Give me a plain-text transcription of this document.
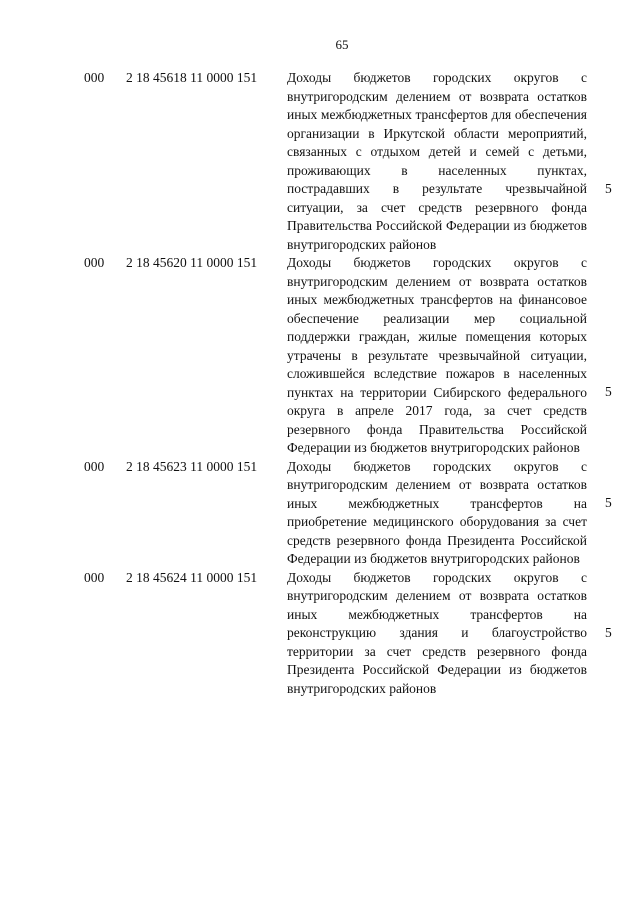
65
000 2 18 45618 11 0000 151 Доходы бюджетов городских округов с внутригородским делением от возврата остатков иных межбюджетных трансфертов для обеспечения организации в Иркутской области мероприятий, связанных с отдыхом детей и семей с детьми, проживающих в населенных пунктах, пострадавших в результате чрезвычайной ситуации, за счет средств резервного фонда Правительства Российской Федерации из бюджетов внутригородских районов
5
000 2 18 45620 11 0000 151 Доходы бюджетов городских округов с внутригородским делением от возврата остатков иных межбюджетных трансфертов на финансовое обеспечение реализации мер социальной поддержки граждан, жилые помещения которых утрачены в результате чрезвычайной ситуации, сложившейся вследствие пожаров в населенных пунктах на территории Сибирского федерального округа в апреле 2017 года, за счет средств резервного фонда Правительства Российской Федерации из бюджетов внутригородских районов
5
000 2 18 45623 11 0000 151 Доходы бюджетов городских округов с внутригородским делением от возврата остатков иных межбюджетных трансфертов на приобретение медицинского оборудования за счет средств резервного фонда Президента Российской Федерации из бюджетов внутригородских районов
5
000 2 18 45624 11 0000 151 Доходы бюджетов городских округов с внутригородским делением от возврата остатков иных межбюджетных трансфертов на реконструкцию здания и благоустройство территории за счет средств резервного фонда Президента Российской Федерации из бюджетов внутригородских районов
5
